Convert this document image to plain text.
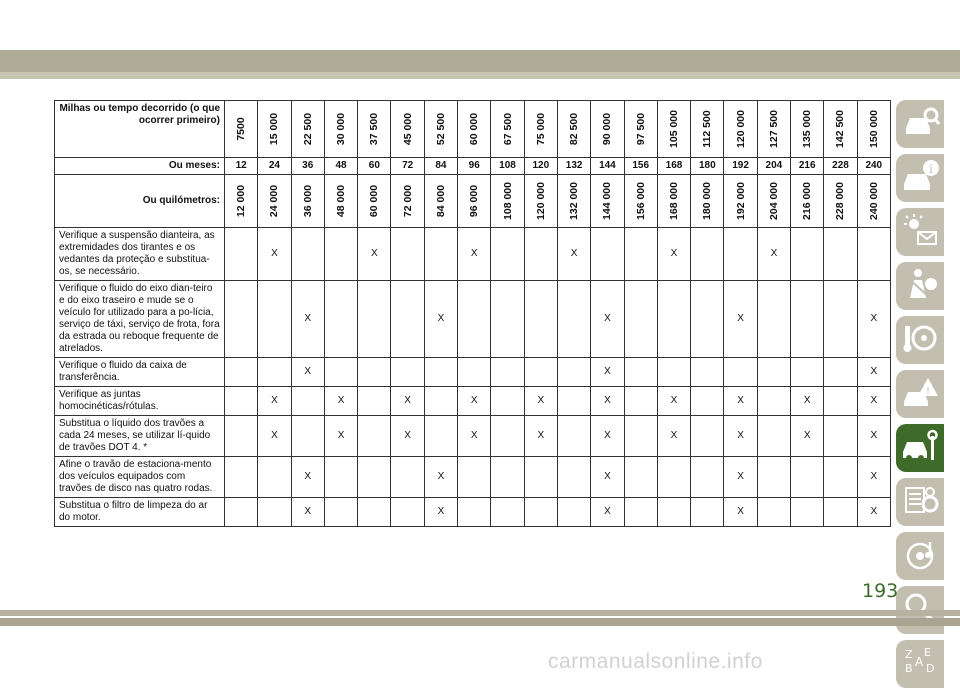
Milhas ou tempo decorrido (o que ocorrer primeiro)	7500	15 000	22 500	30 000	37 500	45 000	52 500	60 000	67 500	75 000	82 500	90 000	97 500	105 000	112 500	120 000	127 500	135 000	142 500	150 000

Ou meses:	12	24	36	48	60	72	84	96	108	120	132	144	156	168	180	192	204	216	228	240
Ou quilómetros:	12 000	24 000	36 000	48 000	60 000	72 000	84 000	96 000	108 000	120 000	132 000	144 000	156 000	168 000	180 000	192 000	204 000	216 000	228 000	240 000

Verifique a suspensão dianteira, as extremidades dos tirantes e os vedantes da proteção e substitua-os, se necessário.		X			X			X			X			X			X			
Verifique o fluido do eixo dian-teiro e do eixo traseiro e mude se o veículo for utilizado para a po-lícia, serviço de táxi, serviço de frota, fora da estrada ou reboque frequente de atrelados.			X				X					X				X				X
Verifique o fluido da caixa de transferência.			X									X								X
Verifique as juntas homocinéticas/rótulas.		X		X		X		X		X		X		X		X		X		X
Substitua o líquido dos travões a cada 24 meses, se utilizar lí-quido de travões DOT 4. *		X		X		X		X		X		X		X		X		X		X
Afine o travão de estaciona-mento dos veículos equipados com travões de disco nas quatro rodas.			X				X					X				X				X
Substitua o filtro de limpeza do ar do motor.			X				X					X				X				X
i
!
Z E
B D
A
193
carmanualsonline.info
